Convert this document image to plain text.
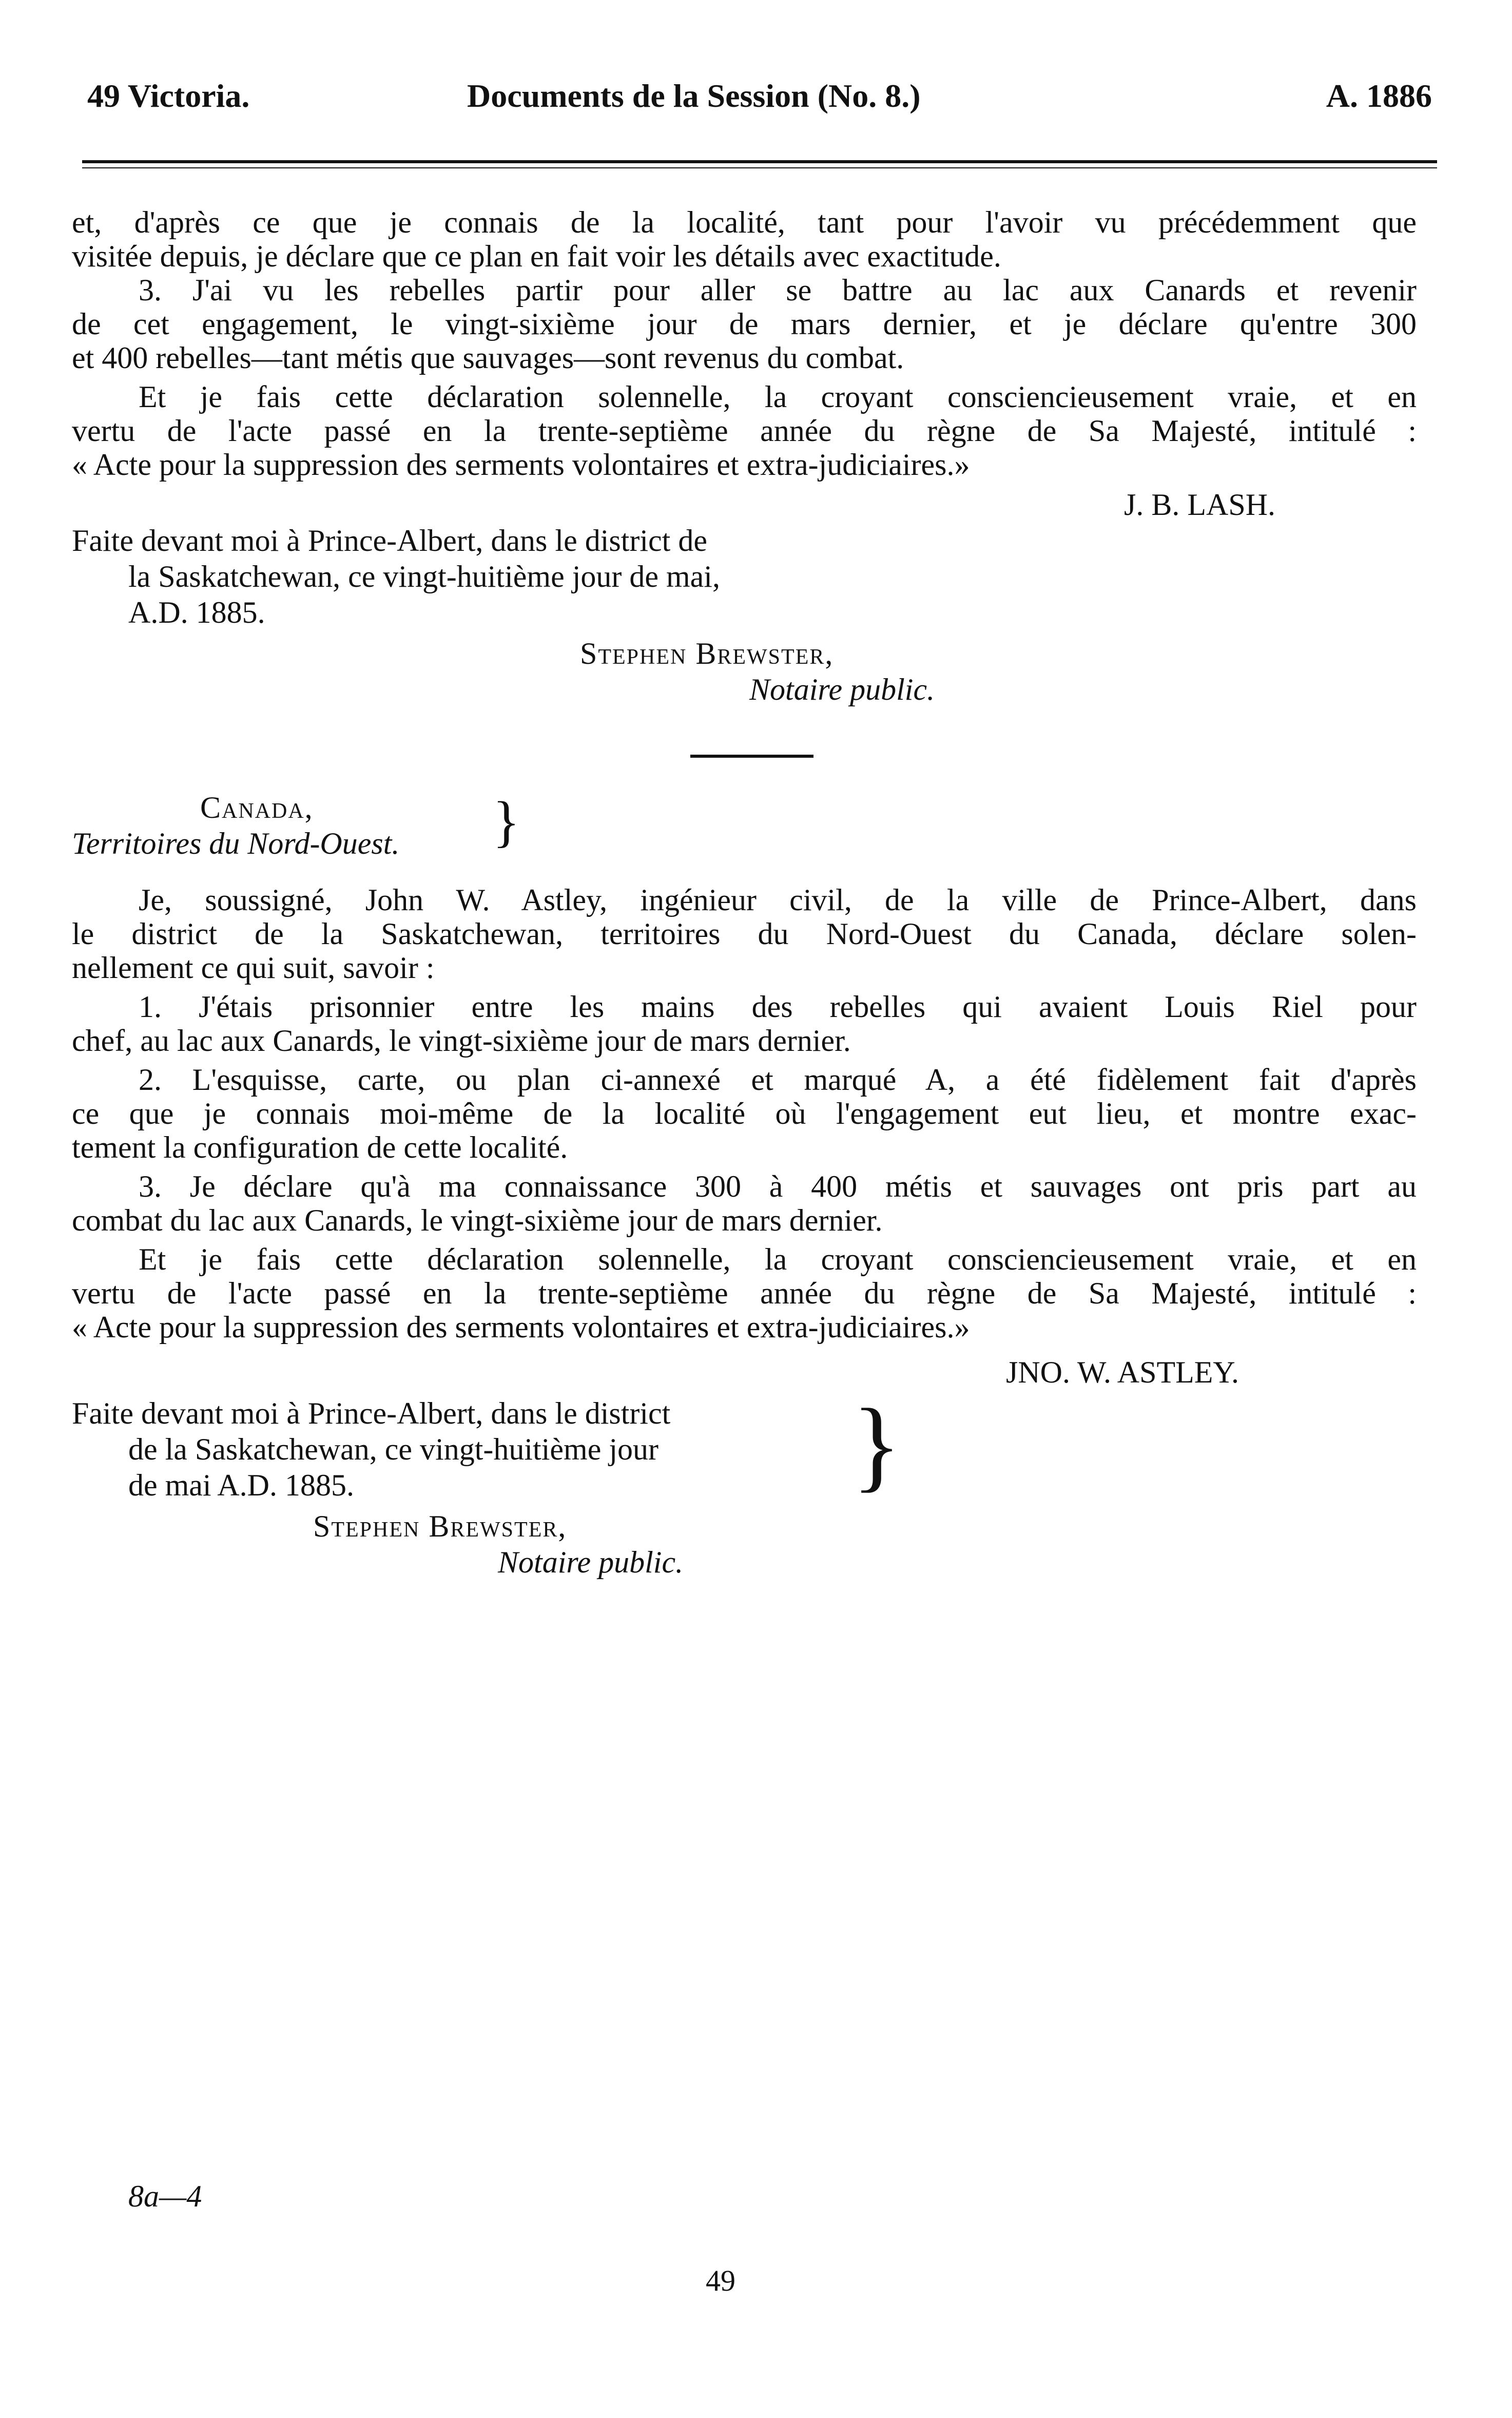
49 Victoria.	Documents de la Session (No. 8.)	A. 1886
et, d'après ce que je connais de la localité, tant pour l'avoir vu précédemment que
visitée depuis, je déclare que ce plan en fait voir les détails avec exactitude.
3. J'ai vu les rebelles partir pour aller se battre au lac aux Canards et revenir
de cet engagement, le vingt-sixième jour de mars dernier, et je déclare qu'entre 300
et 400 rebelles—tant métis que sauvages—sont revenus du combat.
Et je fais cette déclaration solennelle, la croyant consciencieusement vraie, et en
vertu de l'acte passé en la trente-septième année du règne de Sa Majesté, intitulé :
« Acte pour la suppression des serments volontaires et extra-judiciaires.»
J. B. LASH.
Faite devant moi à Prince-Albert, dans le district de
la Saskatchewan, ce vingt-huitième jour de mai,
A.D. 1885.
Stephen Brewster,
Notaire public.
Canada,
Territoires du Nord-Ouest. }
Je, soussigné, John W. Astley, ingénieur civil, de la ville de Prince-Albert, dans
le district de la Saskatchewan, territoires du Nord-Ouest du Canada, déclare solen-
nellement ce qui suit, savoir :
1. J'étais prisonnier entre les mains des rebelles qui avaient Louis Riel pour
chef, au lac aux Canards, le vingt-sixième jour de mars dernier.
2. L'esquisse, carte, ou plan ci-annexé et marqué A, a été fidèlement fait d'après
ce que je connais moi-même de la localité où l'engagement eut lieu, et montre exac-
tement la configuration de cette localité.
3. Je déclare qu'à ma connaissance 300 à 400 métis et sauvages ont pris part au
combat du lac aux Canards, le vingt-sixième jour de mars dernier.
Et je fais cette déclaration solennelle, la croyant consciencieusement vraie, et en
vertu de l'acte passé en la trente-septième année du règne de Sa Majesté, intitulé :
« Acte pour la suppression des serments volontaires et extra-judiciaires.»
JNO. W. ASTLEY.
Faite devant moi à Prince-Albert, dans le district
de la Saskatchewan, ce vingt-huitième jour
de mai A.D. 1885.	}
Stephen Brewster,
Notaire public.
8a—4
49
